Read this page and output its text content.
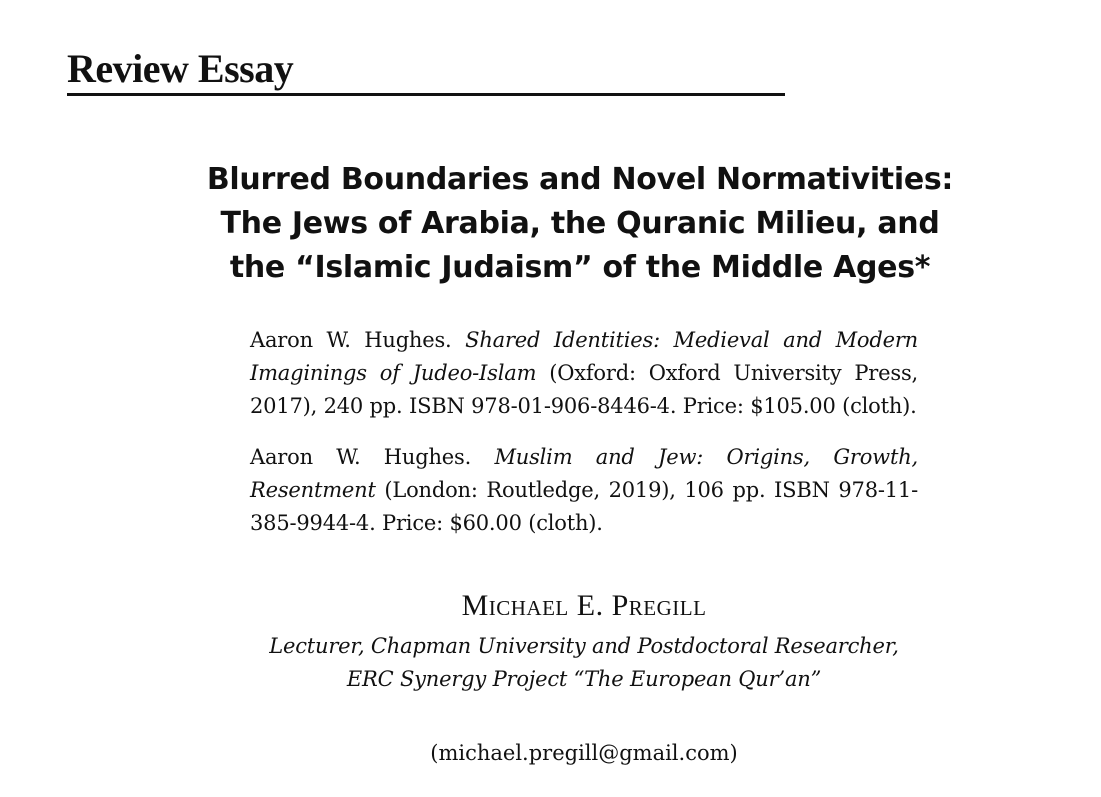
Review Essay
Blurred Boundaries and Novel Normativities:
The Jews of Arabia, the Quranic Milieu, and
the “Islamic Judaism” of the Middle Ages*
Aaron W. Hughes. Shared Identities: Medieval and Modern Imaginings of Judeo-Islam (Oxford: Oxford University Press, 2017), 240 pp. ISBN 978-01-906-8446-4. Price: $105.00 (cloth).
Aaron W. Hughes. Muslim and Jew: Origins, Growth, Resentment (London: Routledge, 2019), 106 pp. ISBN 978-11-385-9944-4. Price: $60.00 (cloth).
Michael E. Pregill
Lecturer, Chapman University and Postdoctoral Researcher,
ERC Synergy Project “The European Qur’an”
(michael.pregill@gmail.com)
